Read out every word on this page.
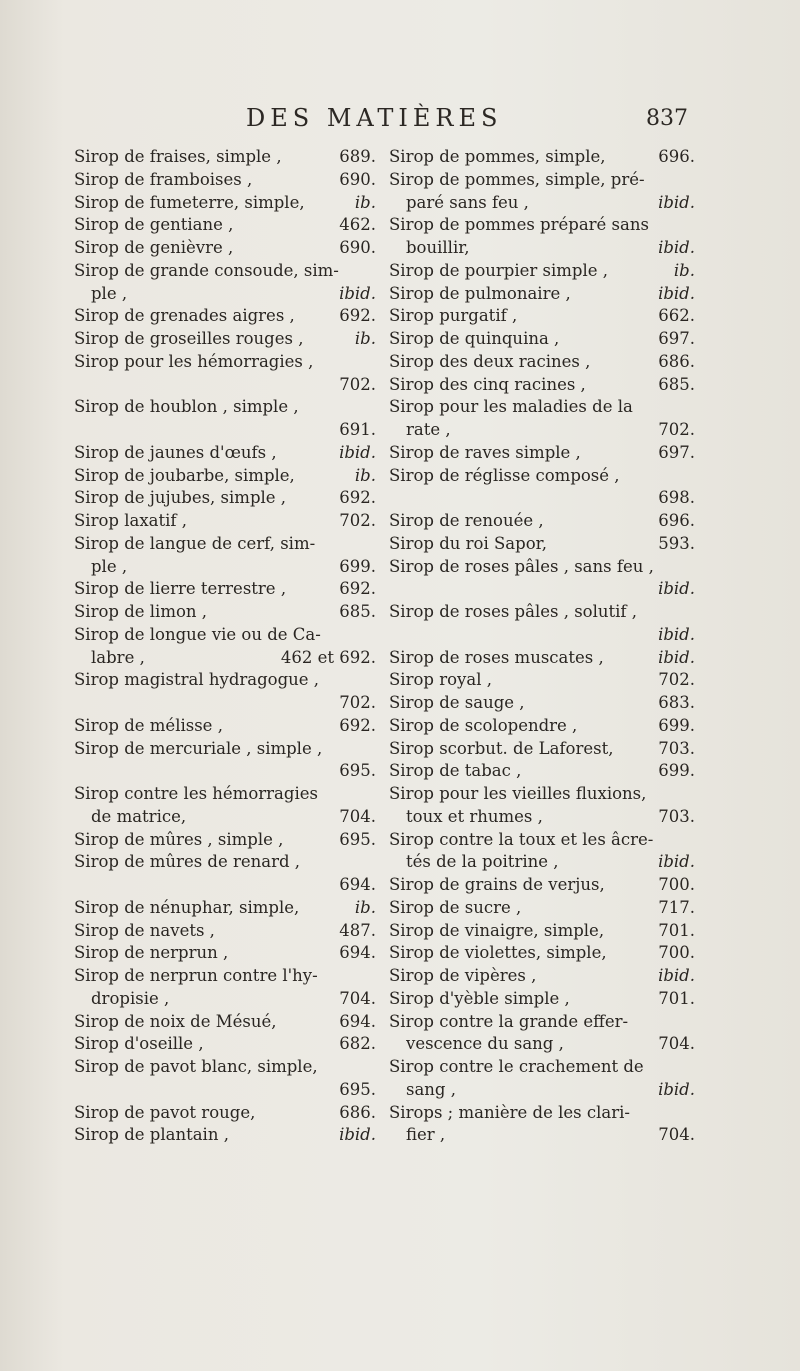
DES MATIÈRES	837
Sirop de fraises, simple ,	689.
Sirop de framboises ,	690.
Sirop de fumeterre, simple,	ib.
Sirop de gentiane ,	462.
Sirop de genièvre ,	690.
Sirop de grande consoude, sim-
ple ,	ibid.
Sirop de grenades aigres ,	692.
Sirop de groseilles rouges ,	ib.
Sirop pour les hémorragies ,
702.
Sirop de houblon , simple ,
691.
Sirop de jaunes d'œufs ,	ibid.
Sirop de joubarbe, simple,	ib.
Sirop de jujubes, simple ,	692.
Sirop laxatif ,	702.
Sirop de langue de cerf, sim-
ple ,	699.
Sirop de lierre terrestre ,	692.
Sirop de limon ,	685.
Sirop de longue vie ou de Ca-
labre ,	462 et 692.
Sirop magistral hydragogue ,
702.
Sirop de mélisse ,	692.
Sirop de mercuriale , simple ,
695.
Sirop contre les hémorragies
de matrice,	704.
Sirop de mûres , simple ,	695.
Sirop de mûres de renard ,
694.
Sirop de nénuphar, simple,	ib.
Sirop de navets ,	487.
Sirop de nerprun ,	694.
Sirop de nerprun contre l'hy-
dropisie ,	704.
Sirop de noix de Mésué,	694.
Sirop d'oseille ,	682.
Sirop de pavot blanc, simple,
695.
Sirop de pavot rouge,	686.
Sirop de plantain ,	ibid.
Sirop de pommes, simple,	696.
Sirop de pommes, simple, pré-
paré sans feu ,	ibid.
Sirop de pommes préparé sans
bouillir,	ibid.
Sirop de pourpier simple ,	ib.
Sirop de pulmonaire ,	ibid.
Sirop purgatif ,	662.
Sirop de quinquina ,	697.
Sirop des deux racines ,	686.
Sirop des cinq racines ,	685.
Sirop pour les maladies de la
rate ,	702.
Sirop de raves simple ,	697.
Sirop de réglisse composé ,
698.
Sirop de renouée ,	696.
Sirop du roi Sapor,	593.
Sirop de roses pâles , sans feu ,
ibid.
Sirop de roses pâles , solutif ,
ibid.
Sirop de roses muscates ,	ibid.
Sirop royal ,	702.
Sirop de sauge ,	683.
Sirop de scolopendre ,	699.
Sirop scorbut. de Laforest,	703.
Sirop de tabac ,	699.
Sirop pour les vieilles fluxions,
toux et rhumes ,	703.
Sirop contre la toux et les âcre-
tés de la poitrine ,	ibid.
Sirop de grains de verjus,	700.
Sirop de sucre ,	717.
Sirop de vinaigre, simple,	701.
Sirop de violettes, simple,	700.
Sirop de vipères ,	ibid.
Sirop d'yèble simple ,	701.
Sirop contre la grande effer-
vescence du sang ,	704.
Sirop contre le crachement de
sang ,	ibid.
Sirops ; manière de les clari-
fier ,	704.
